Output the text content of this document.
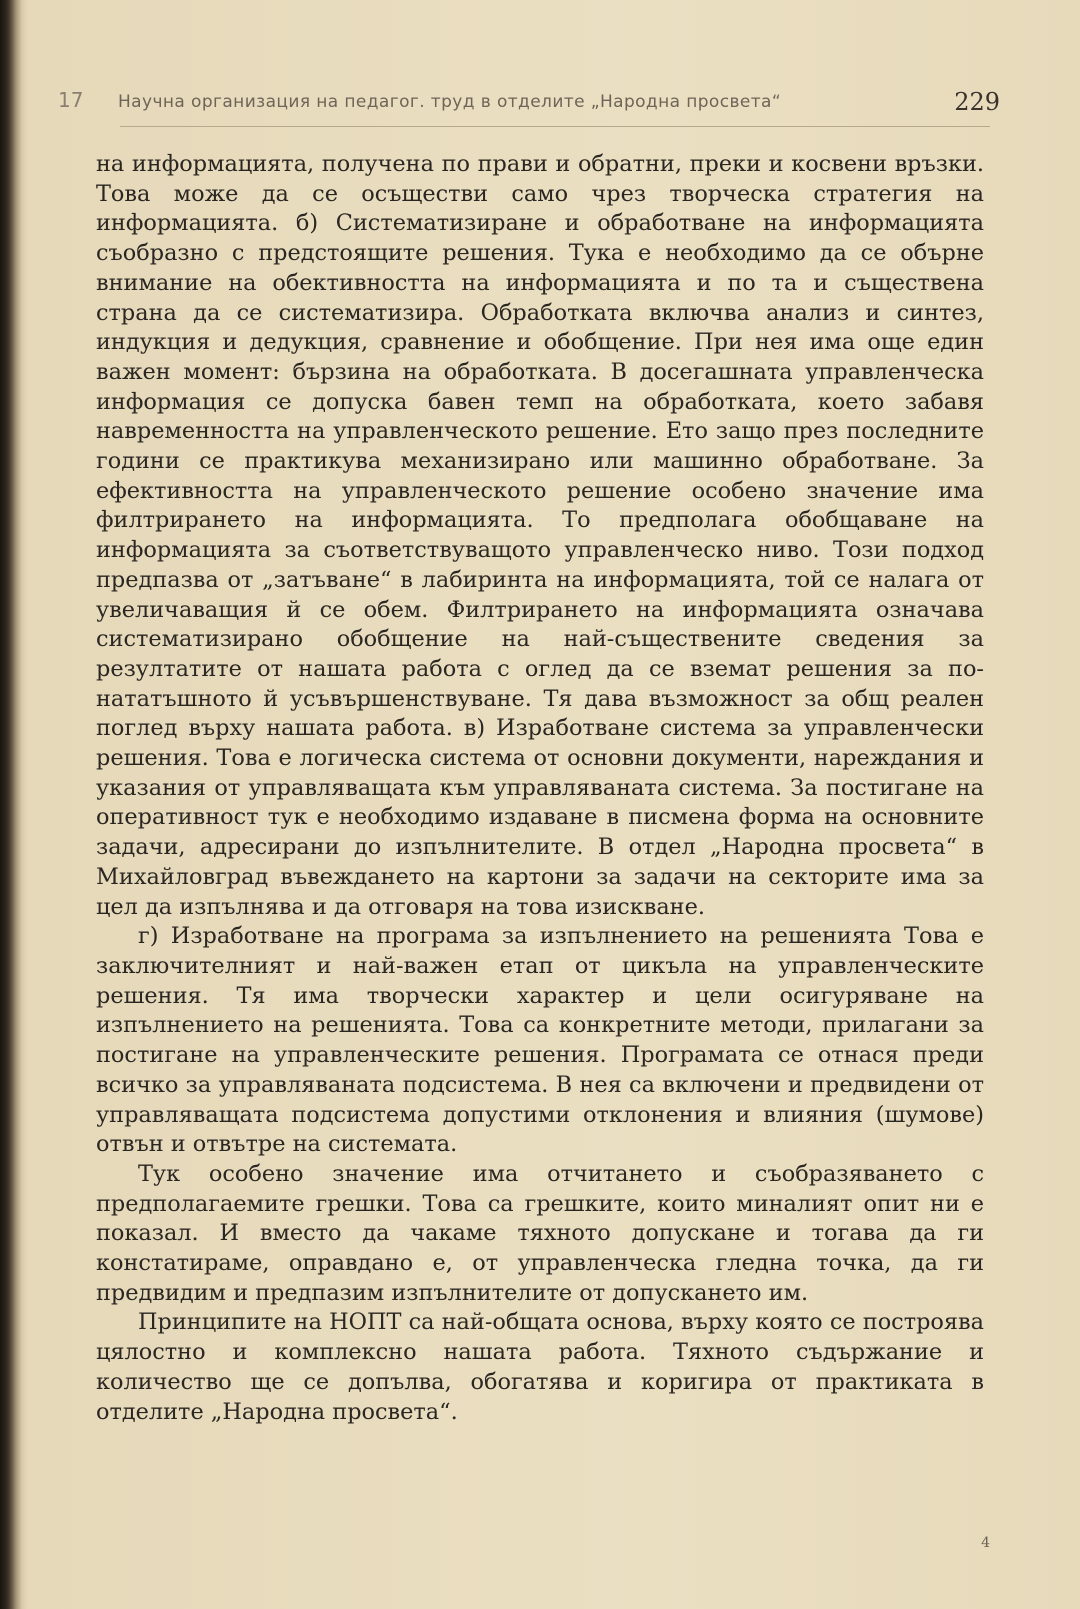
17 Научна организация на педагог. труд в отделите „Народна просвета“	229

на информацията, получена по прави и обратни, преки и косвени връзки. Това може да се осъществи само чрез творческа стратегия на информацията. б) Систематизиране и обработване на информацията съобразно с предстоящите решения. Тука е необходимо да се обърне внимание на обективността на информацията и по та и съществена страна да се систематизира. Обработката включва анализ и синтез, индукция и дедукция, сравнение и обобщение. При нея има още един важен момент: бързина на обработката. В досегашната управленческа информация се допуска бавен темп на обработката, което забавя навременността на управленческото решение. Ето защо през последните години се практикува механизирано или машинно обработване. За ефективността на управленческото решение особено значение има филтрирането на информацията. То предполага обобщаване на информацията за съответствуващото управленческо ниво. Този подход предпазва от „затъване“ в лабиринта на информацията, той се налага от увеличаващия й се обем. Филтрирането на информацията означава систематизирано обобщение на най-съществените сведения за резултатите от нашата работа с оглед да се вземат решения за по-нататъшното й усъвършенствуване. Тя дава възможност за общ реален поглед върху нашата работа. в) Изработване система за управленчески решения. Това е логическа система от основни документи, нареждания и указания от управляващата към управляваната система. За постигане на оперативност тук е необходимо издаване в писмена форма на основните задачи, адресирани до изпълнителите. В отдел „Народна просвета“ в Михайловград въвеждането на картони за задачи на секторите има за цел да изпълнява и да отговаря на това изискване.

г) Изработване на програма за изпълнението на решенията Това е заключителният и най-важен етап от цикъла на управленческите решения. Тя има творчески характер и цели осигуряване на изпълнението на решенията. Това са конкретните методи, прилагани за постигане на управленческите решения. Програмата се отнася преди всичко за управляваната подсистема. В нея са включени и предвидени от управляващата подсистема допустими отклонения и влияния (шумове) отвън и отвътре на системата.

Тук особено значение има отчитането и съобразяването с предполагаемите грешки. Това са грешките, които миналият опит ни е показал. И вместо да чакаме тяхното допускане и тогава да ги констатираме, оправдано е, от управленческа гледна точка, да ги предвидим и предпазим изпълнителите от допускането им.

Принципите на НОПТ са най-общата основа, върху която се построява цялостно и комплексно нашата работа. Тяхното съдържание и количество ще се допълва, обогатява и коригира от практиката в отделите „Народна просвета“.

4
